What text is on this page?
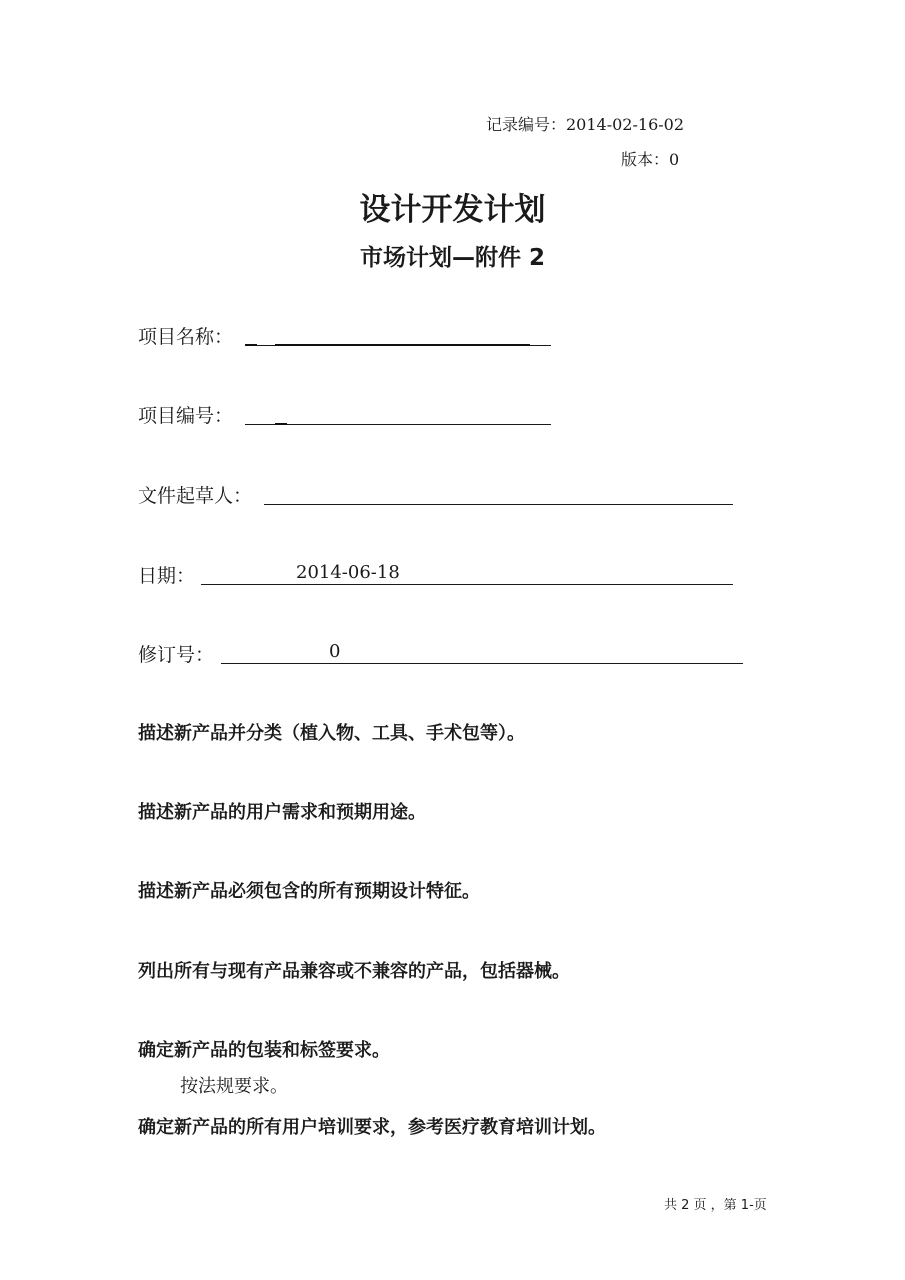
记录编号：2014-02-16-02
版本：0
设计开发计划
市场计划—附件 2
项目名称：
项目编号：
文件起草人：
日期：	2014-06-18
修订号：	0
描述新产品并分类（植入物、工具、手术包等）。
描述新产品的用户需求和预期用途。
描述新产品必须包含的所有预期设计特征。
列出所有与现有产品兼容或不兼容的产品，包括器械。
确定新产品的包装和标签要求。
按法规要求。
确定新产品的所有用户培训要求，参考医疗教育培训计划。
共 2 页 ，第 1-页
